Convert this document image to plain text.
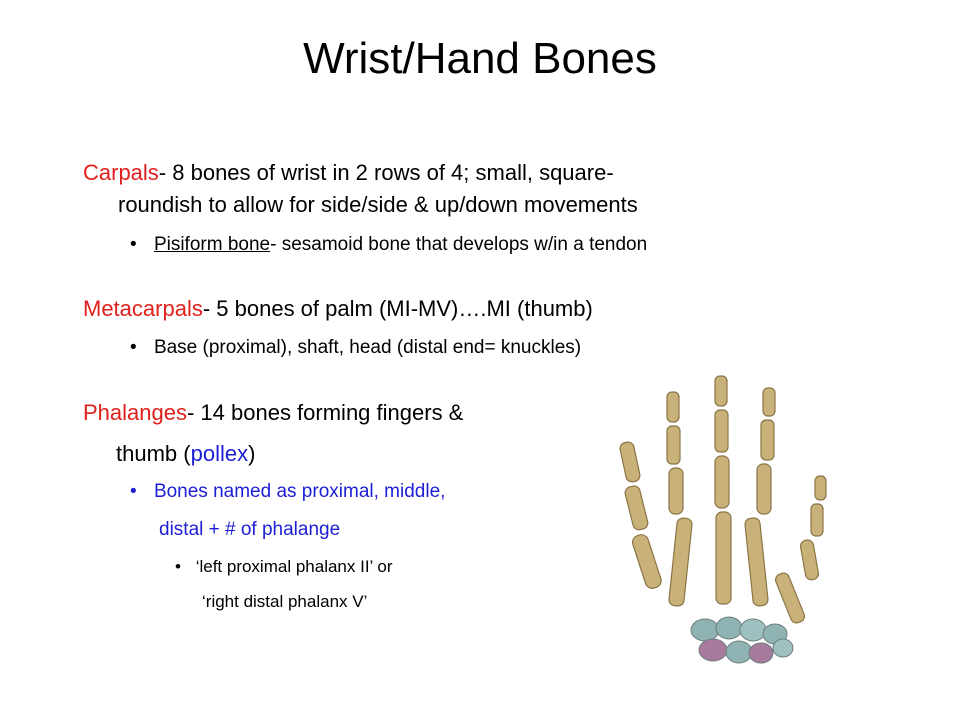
Wrist/Hand Bones
Carpals- 8 bones of wrist in 2 rows of 4; small, square-
roundish to allow for side/side & up/down movements
• Pisiform bone- sesamoid bone that develops w/in a tendon
Metacarpals- 5 bones of palm (MI-MV)….MI (thumb)
• Base (proximal), shaft, head (distal end= knuckles)
Phalanges- 14 bones forming fingers &
thumb (pollex)
• Bones named as proximal, middle,
distal + # of phalange
• ‘left proximal phalanx II’ or
‘right distal phalanx V’
